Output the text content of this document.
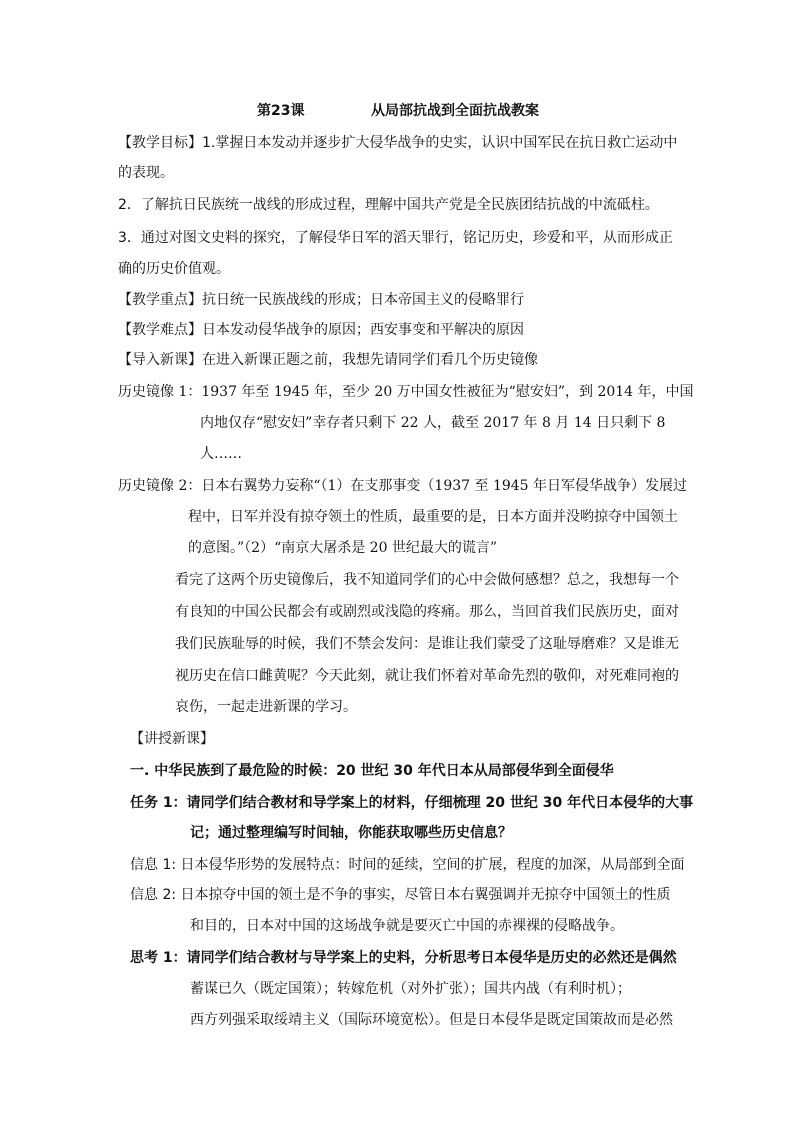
第23课	从局部抗战到全面抗战教案
【教学目标】1.掌握日本发动并逐步扩大侵华战争的史实，认识中国军民在抗日救亡运动中
的表现。
2．了解抗日民族统一战线的形成过程，理解中国共产党是全民族团结抗战的中流砥柱。
3．通过对图文史料的探究，了解侵华日军的滔天罪行，铭记历史，珍爱和平，从而形成正
确的历史价值观。
【教学重点】抗日统一民族战线的形成；日本帝国主义的侵略罪行
【教学难点】日本发动侵华战争的原因；西安事变和平解决的原因
【导入新课】在进入新课正题之前，我想先请同学们看几个历史镜像
历史镜像 1：1937 年至 1945 年，至少 20 万中国女性被征为“慰安妇”，到 2014 年，中国
内地仅存“慰安妇”幸存者只剩下 22 人，截至 2017 年 8 月 14 日只剩下 8
人……
历史镜像 2：日本右翼势力妄称“（1）在支那事变（1937 至 1945 年日军侵华战争）发展过
程中，日军并没有掠夺领土的性质，最重要的是，日本方面并没哟掠夺中国领土
的意图。”（2）“南京大屠杀是 20 世纪最大的谎言”
看完了这两个历史镜像后，我不知道同学们的心中会做何感想？总之，我想每一个
有良知的中国公民都会有或剧烈或浅隐的疼痛。那么，当回首我们民族历史，面对
我们民族耻辱的时候，我们不禁会发问：是谁让我们蒙受了这耻辱磨难？又是谁无
视历史在信口雌黄呢？今天此刻，就让我们怀着对革命先烈的敬仰，对死难同袍的
哀伤，一起走进新课的学习。
【讲授新课】
一. 中华民族到了最危险的时候：20 世纪 30 年代日本从局部侵华到全面侵华
任务 1：请同学们结合教材和导学案上的材料，仔细梳理 20 世纪 30 年代日本侵华的大事
记；通过整理编写时间轴，你能获取哪些历史信息？
信息 1: 日本侵华形势的发展特点：时间的延续，空间的扩展，程度的加深，从局部到全面
信息 2: 日本掠夺中国的领土是不争的事实，尽管日本右翼强调并无掠夺中国领土的性质
和目的，日本对中国的这场战争就是要灭亡中国的赤裸裸的侵略战争。
思考 1：请同学们结合教材与导学案上的史料，分析思考日本侵华是历史的必然还是偶然
蓄谋已久（既定国策）；转嫁危机（对外扩张）；国共内战（有利时机）；
西方列强采取绥靖主义（国际环境宽松）。但是日本侵华是既定国策故而是必然
